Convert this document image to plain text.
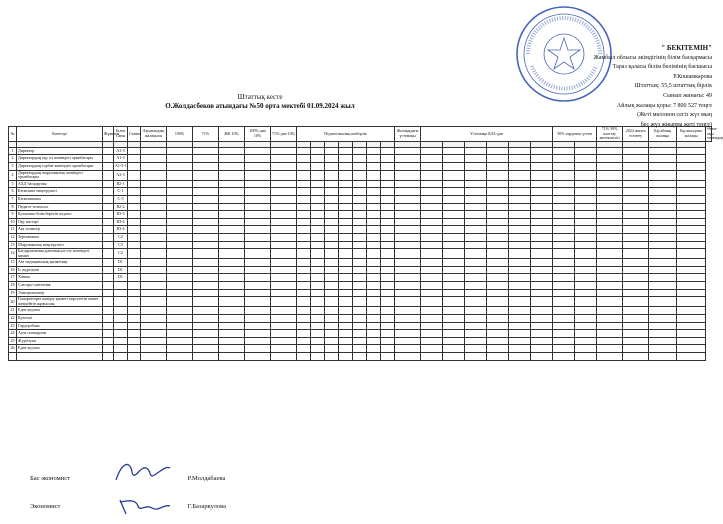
" БЕКІТЕМІН"
Жамбыл облысы әкімдігінің білім басқармасы
Тараз қаласы білім бөлімінің басшысы
Р.Кошамкарова
Штаттық: 55,5 штаттық бірлік
Сынып жинағы: 49
Айлық жалақы қоры: 7 800 527 теңге
(Жеті миллион сегіз жүз мың
бес жүз жиырма жеті теңге)
Штаттық кесте
О.Жолдасбеков атындағы №50 орта мектебі 01.09.2024 жыл
№	Категорі	Жұмысы	Білім Саны	Ставка	Лауазымдық жалақысы	100%	71%	ЖК 10%	100% дан 10%	71%-дан 10%	Педагогикалық шеберлік							Жалақыдағы үстемақы	Үстемақы КЗА-дан						50% зардапты үстем		71% 50% кластау жетекшілігі	2024 жылға есептеу	Бір айлық жалақы	Бір жылдағы жалақы	Өтем-ақы төлемдер

1	Директор		А1-3																												
2	Директордың оқу ісі жөніндегі орынбасары		А1-3																												
3	Директордың тәрбие жөніндегі орынбасары		А1-3-1																												
4	Директордың шаруашылық жөніндегі орынбасары		А2-3																												
5	АХД басқарушы		В2-1																												
6	Кітапхана меңгерушісі		С-1																												
7	Кітапханашы		С-3																												
8	Педагог-психолог		В2-2																												
9	Қосымша білім беретін педагог		В3-3																												
10	Оқу мастері		В3-4																												
11	Аға тәлімгер		В3-4																												
12	Зертханашы		С2																												
13	Шаруашылық меңгерушісі		С3																												
14	Бағдарламалық қамтамасыз ету жөніндегі маман		С2																												
15	Аға медициналық қызметкер		D1																												
16	Іс жүргізуші		D1																												
17	Хатшы		D1																												
18	Слесарь-сантехник																														
19	Электромонтер																														
20	Ғимараттарға жөндеу қызмет көрсететін жөнге жөндейтін жұмысшы																														
21	Еден жуушы																														
22	Күзетші																														
23	Гардеробшы																														
24	Аула сыпырушы																														
25	Жүргізуші																														
26	Еден жуушы																														

Бас экономист	Р.Молдабаева
Экономист	Г.Базаркулова
